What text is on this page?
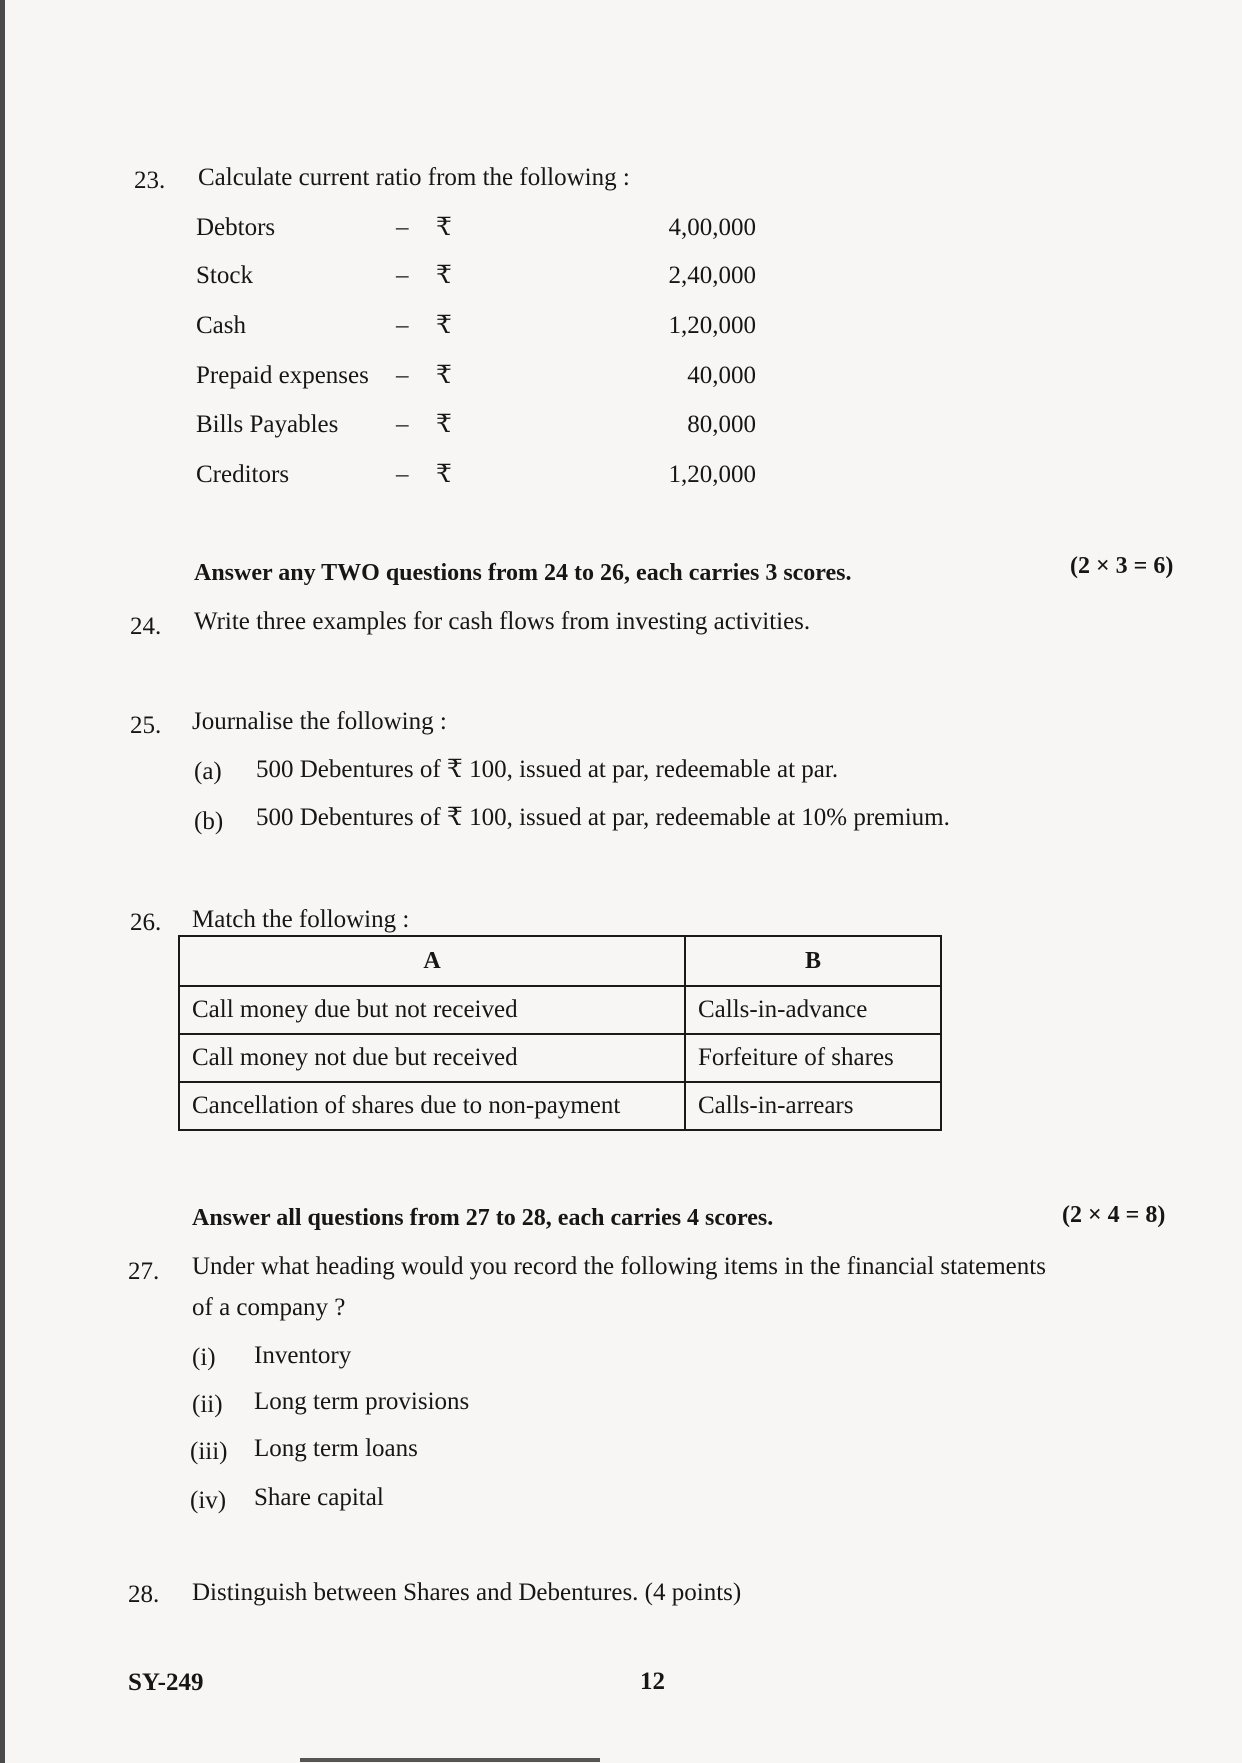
23. Calculate current ratio from the following :
Debtors	– ₹	4,00,000
Stock	– ₹	2,40,000
Cash	– ₹	1,20,000
Prepaid expenses – ₹	40,000
Bills Payables – ₹	80,000
Creditors	– ₹	1,20,000
Answer any TWO questions from 24 to 26, each carries 3 scores.	(2 × 3 = 6)
24. Write three examples for cash flows from investing activities.
25. Journalise the following :
(a) 500 Debentures of ₹ 100, issued at par, redeemable at par.
(b) 500 Debentures of ₹ 100, issued at par, redeemable at 10% premium.
26. Match the following :
A	B
Call money due but not received	Calls-in-advance
Call money not due but received	Forfeiture of shares
Cancellation of shares due to non-payment	Calls-in-arrears
Answer all questions from 27 to 28, each carries 4 scores.	(2 × 4 = 8)
27. Under what heading would you record the following items in the financial statements
of a company ?
(i) Inventory
(ii) Long term provisions
(iii) Long term loans
(iv) Share capital
28. Distinguish between Shares and Debentures. (4 points)
SY-249	12
